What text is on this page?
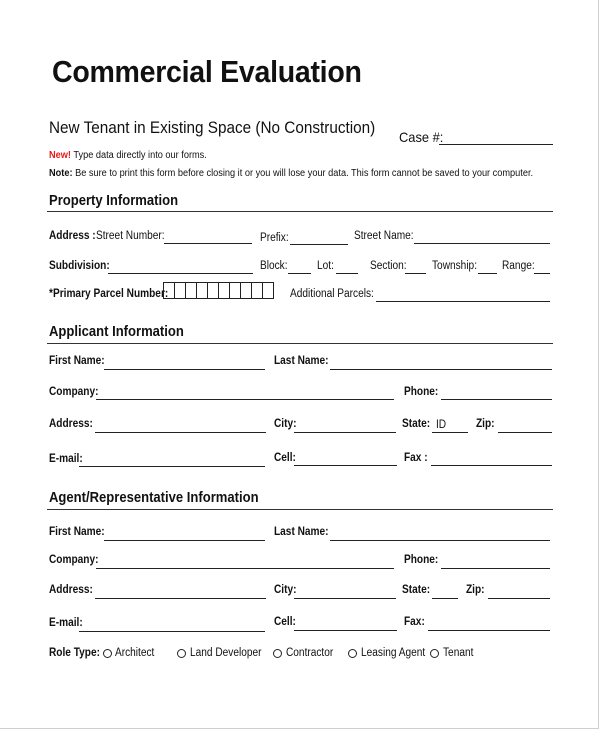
Commercial Evaluation
New Tenant in Existing Space (No Construction) Case #:
New! Type data directly into our forms.
Note: Be sure to print this form before closing it or you will lose your data. This form cannot be saved to your computer.
Property Information
Address : Street Number:	Prefix:	Street Name:
Subdivision:	Block:	Lot:	Section: Township: Range:
*Primary Parcel Number:	Additional Parcels:
Applicant Information
First Name:	Last Name:
Company:	Phone:
Address:	City:	State: ID	Zip:
E-mail:	Cell:	Fax :
Agent/Representative Information
First Name:	Last Name:
Company:	Phone:
Address:	City:	State:	Zip:
E-mail:	Cell:	Fax:
Role Type: Architect	Land Developer Contractor Leasing Agent Tenant
